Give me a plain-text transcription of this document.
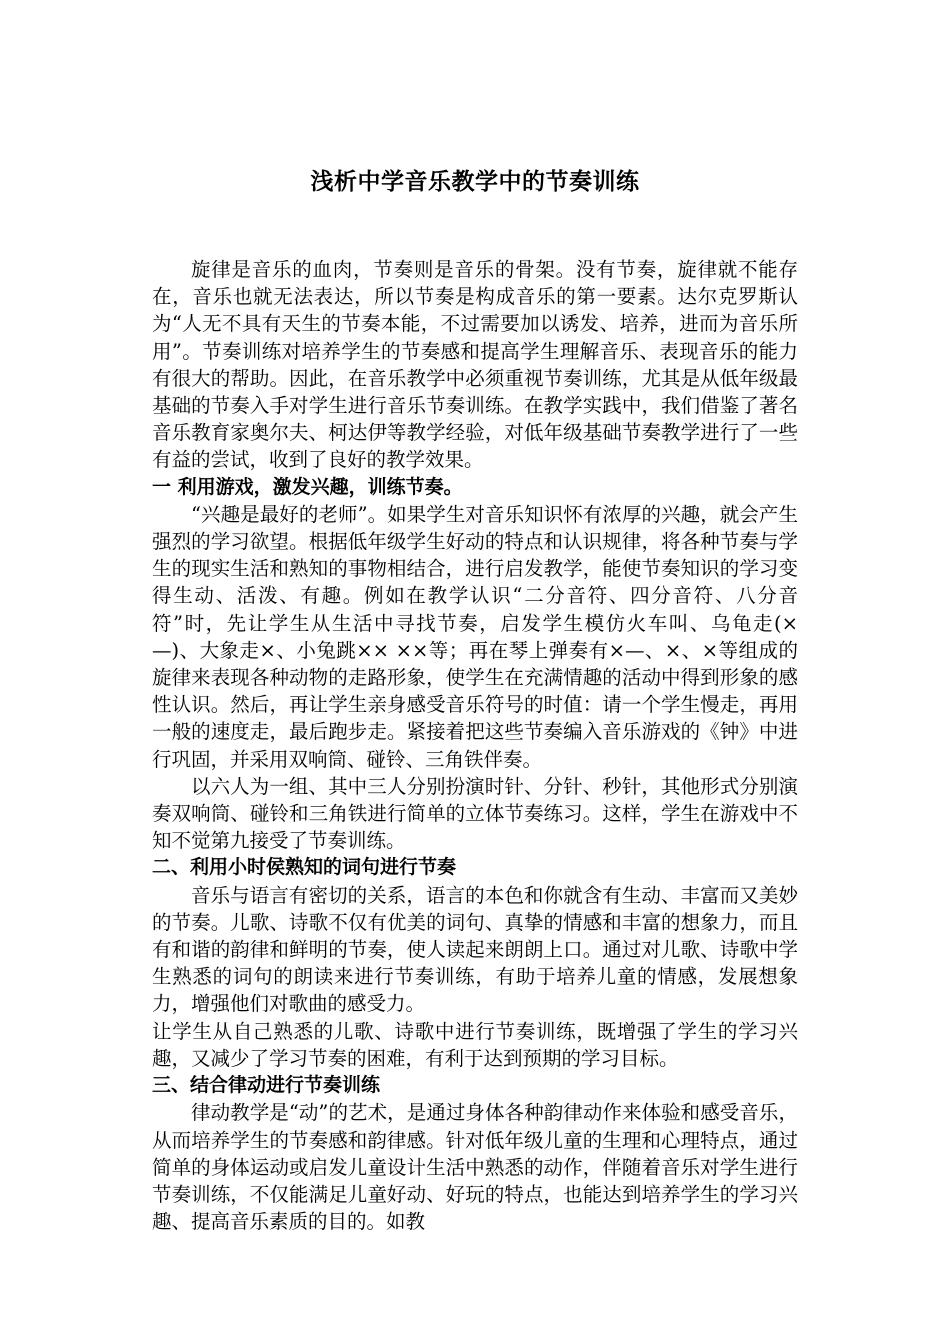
浅析中学音乐教学中的节奏训练

旋律是音乐的血肉，节奏则是音乐的骨架。没有节奏，旋律就不能存在，音乐也就无法表达，所以节奏是构成音乐的第一要素。达尔克罗斯认为“人无不具有天生的节奏本能，不过需要加以诱发、培养，进而为音乐所用”。节奏训练对培养学生的节奏感和提高学生理解音乐、表现音乐的能力有很大的帮助。因此，在音乐教学中必须重视节奏训练，尤其是从低年级最基础的节奏入手对学生进行音乐节奏训练。在教学实践中，我们借鉴了著名音乐教育家奥尔夫、柯达伊等教学经验，对低年级基础节奏教学进行了一些有益的尝试，收到了良好的教学效果。

一 利用游戏，激发兴趣，训练节奏。

“兴趣是最好的老师”。如果学生对音乐知识怀有浓厚的兴趣，就会产生强烈的学习欲望。根据低年级学生好动的特点和认识规律，将各种节奏与学生的现实生活和熟知的事物相结合，进行启发教学，能使节奏知识的学习变得生动、活泼、有趣。例如在教学认识“二分音符、四分音符、八分音符”时，先让学生从生活中寻找节奏，启发学生模仿火车叫、乌龟走(× —)、大象走×、小兔跳×× ××等；再在琴上弹奏有×—、×、×等组成的旋律来表现各种动物的走路形象，使学生在充满情趣的活动中得到形象的感性认识。然后，再让学生亲身感受音乐符号的时值：请一个学生慢走，再用一般的速度走，最后跑步走。紧接着把这些节奏编入音乐游戏的《钟》中进行巩固，并采用双响筒、碰铃、三角铁伴奏。

以六人为一组、其中三人分别扮演时针、分针、秒针，其他形式分别演奏双响筒、碰铃和三角铁进行简单的立体节奏练习。这样，学生在游戏中不知不觉第九接受了节奏训练。

二、利用小时侯熟知的词句进行节奏

音乐与语言有密切的关系，语言的本色和你就含有生动、丰富而又美妙的节奏。儿歌、诗歌不仅有优美的词句、真挚的情感和丰富的想象力，而且有和谐的韵律和鲜明的节奏，使人读起来朗朗上口。通过对儿歌、诗歌中学生熟悉的词句的朗读来进行节奏训练，有助于培养儿童的情感，发展想象力，增强他们对歌曲的感受力。

让学生从自己熟悉的儿歌、诗歌中进行节奏训练，既增强了学生的学习兴趣，又减少了学习节奏的困难，有利于达到预期的学习目标。

三、结合律动进行节奏训练

律动教学是“动”的艺术，是通过身体各种韵律动作来体验和感受音乐，从而培养学生的节奏感和韵律感。针对低年级儿童的生理和心理特点，通过简单的身体运动或启发儿童设计生活中熟悉的动作，伴随着音乐对学生进行节奏训练，不仅能满足儿童好动、好玩的特点，也能达到培养学生的学习兴趣、提高音乐素质的目的。如教
